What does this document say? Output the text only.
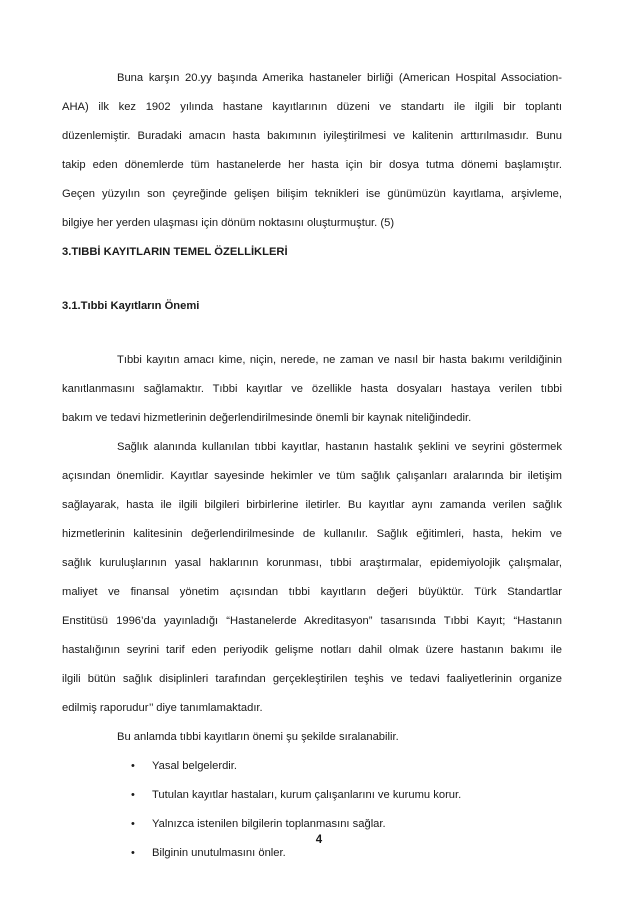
Buna karşın 20.yy başında Amerika hastaneler birliği (American Hospital Association-
AHA) ilk kez 1902 yılında hastane kayıtlarının düzeni ve standartı ile ilgili bir toplantı
düzenlemiştir. Buradaki amacın hasta bakımının iyileştirilmesi ve kalitenin arttırılmasıdır. Bunu
takip eden dönemlerde tüm hastanelerde her hasta için bir dosya tutma dönemi başlamıştır.
Geçen yüzyılın son çeyreğinde gelişen bilişim teknikleri ise günümüzün kayıtlama, arşivleme,
bilgiye her yerden ulaşması için dönüm noktasını oluşturmuştur. (5)
3.TIBBİ KAYITLARIN TEMEL ÖZELLİKLERİ
3.1.Tıbbi Kayıtların Önemi
Tıbbi kayıtın amacı kime, niçin, nerede, ne zaman ve nasıl bir hasta bakımı verildiğinin
kanıtlanmasını sağlamaktır. Tıbbi kayıtlar ve özellikle hasta dosyaları hastaya verilen tıbbi
bakım ve tedavi hizmetlerinin değerlendirilmesinde önemli bir kaynak niteliğindedir.
Sağlık alanında kullanılan tıbbi kayıtlar, hastanın hastalık şeklini ve seyrini göstermek
açısından önemlidir. Kayıtlar sayesinde hekimler ve tüm sağlık çalışanları aralarında bir iletişim
sağlayarak, hasta ile ilgili bilgileri birbirlerine iletirler. Bu kayıtlar aynı zamanda verilen sağlık
hizmetlerinin kalitesinin değerlendirilmesinde de kullanılır. Sağlık eğitimleri, hasta, hekim ve
sağlık kuruluşlarının yasal haklarının korunması, tıbbi araştırmalar, epidemiyolojik çalışmalar,
maliyet ve finansal yönetim açısından tıbbi kayıtların değeri büyüktür. Türk Standartlar
Enstitüsü 1996’da yayınladığı “Hastanelerde Akreditasyon” tasarısında Tıbbi Kayıt; “Hastanın
hastalığının seyrini tarif eden periyodik gelişme notları dahil olmak üzere hastanın bakımı ile
ilgili bütün sağlık disiplinleri tarafından gerçekleştirilen teşhis ve tedavi faaliyetlerinin organize
edilmiş raporudur’’ diye tanımlamaktadır.
Bu anlamda tıbbi kayıtların önemi şu şekilde sıralanabilir.
• Yasal belgelerdir.
• Tutulan kayıtlar hastaları, kurum çalışanlarını ve kurumu korur.
• Yalnızca istenilen bilgilerin toplanmasını sağlar.
• Bilginin unutulmasını önler.
4
